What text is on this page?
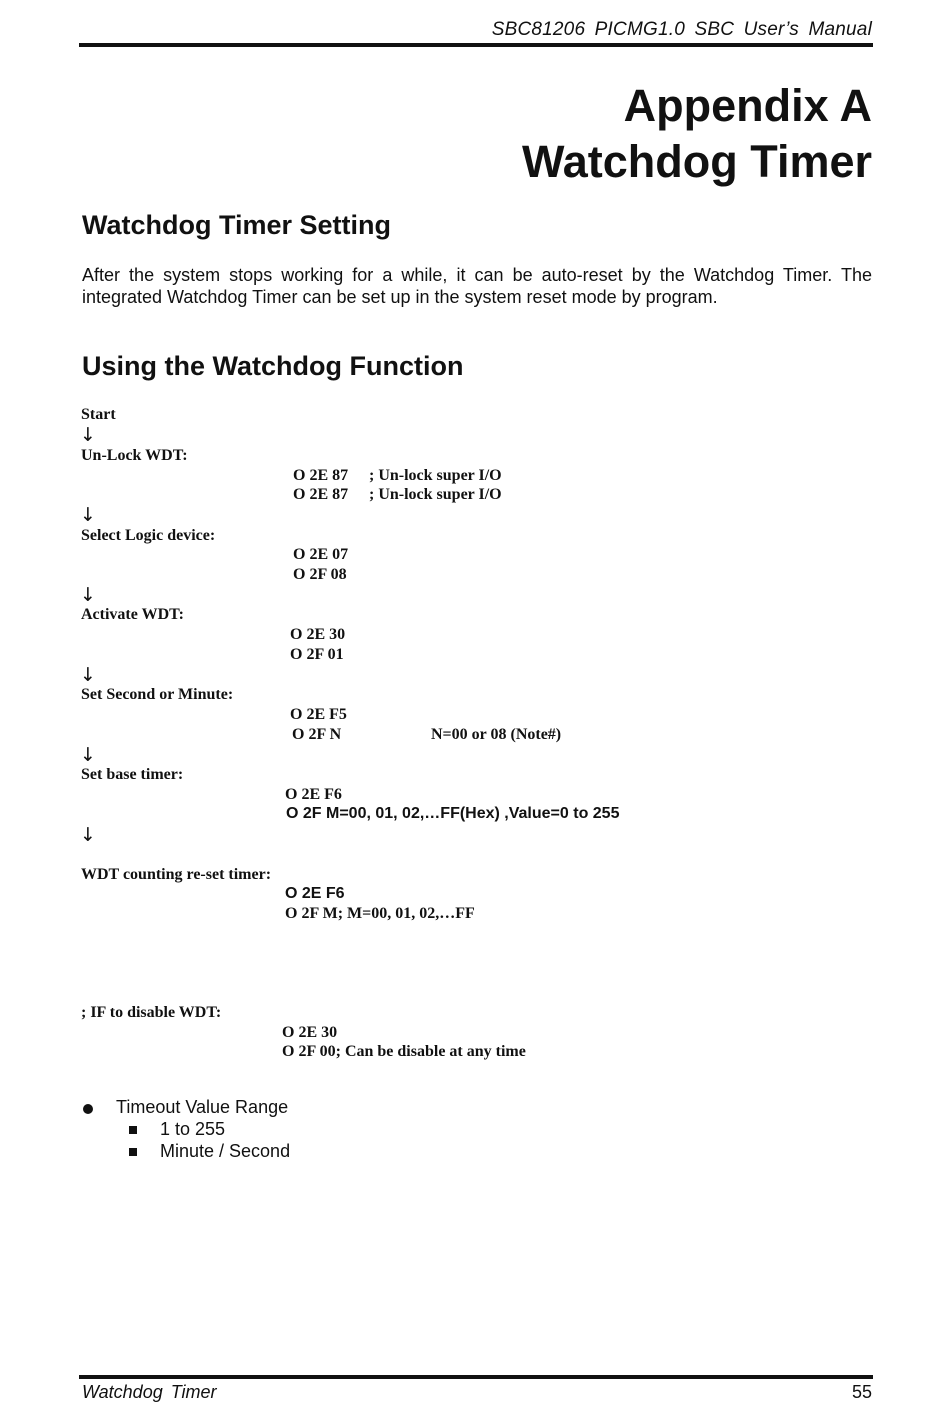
SBC81206 PICMG1.0 SBC User’s Manual
Appendix A
Watchdog Timer
Watchdog Timer Setting
After the system stops working for a while, it can be auto-reset by the Watchdog Timer. The integrated Watchdog Timer can be set up in the system reset mode by program.
Using the Watchdog Function
Start
↓
Un-Lock WDT:
O 2E 87 ; Un-lock super I/O
O 2E 87 ; Un-lock super I/O
↓
Select Logic device:
O 2E 07
O 2F 08
↓
Activate WDT:
O 2E 30
O 2F 01
↓
Set Second or Minute:
O 2E F5
O 2F N	N=00 or 08 (Note#)
↓
Set base timer:
O 2E F6
O 2F M=00, 01, 02,…FF(Hex) ,Value=0 to 255
↓
WDT counting re-set timer:
O 2E F6
O 2F M; M=00, 01, 02,…FF
; IF to disable WDT:
O 2E 30
O 2F 00; Can be disable at any time
Timeout Value Range
1 to 255
Minute / Second
Watchdog Timer	55
